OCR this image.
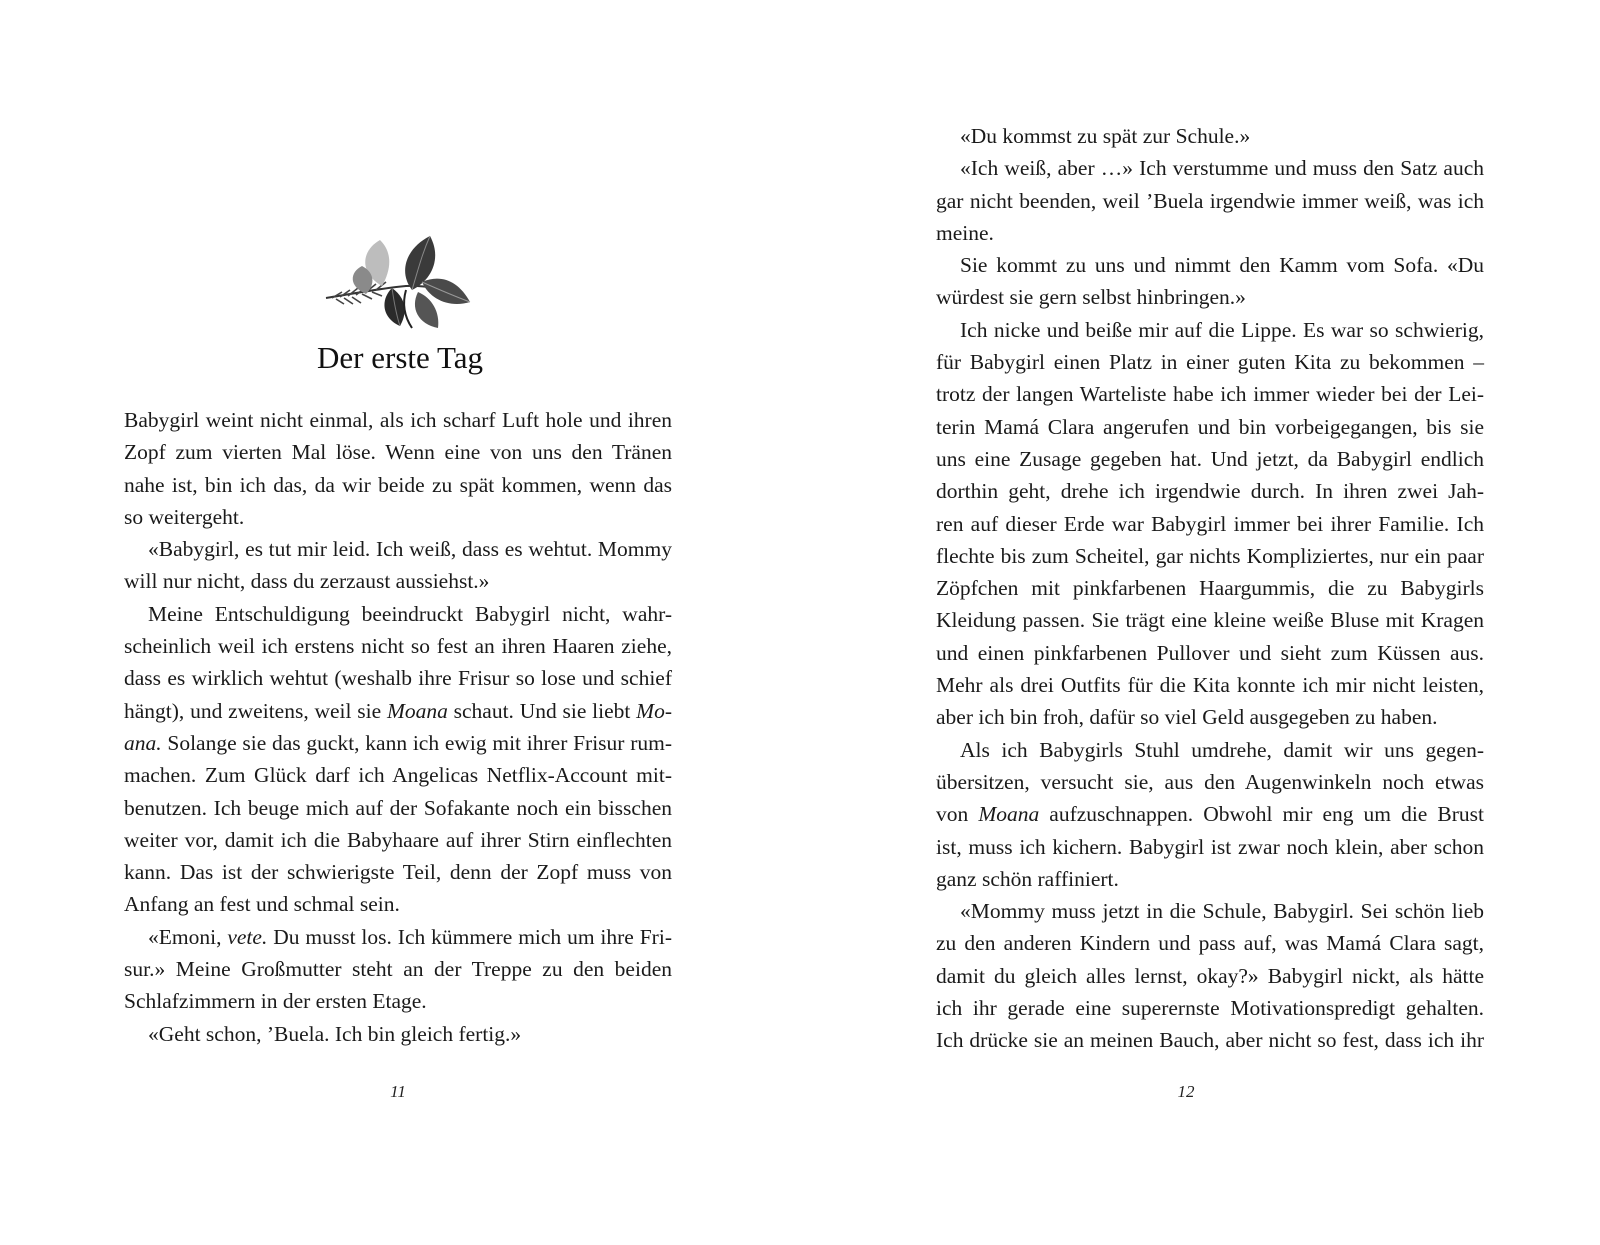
Der erste Tag
Babygirl weint nicht einmal, als ich scharf Luft hole und ihren
Zopf zum vierten Mal löse. Wenn eine von uns den Tränen
nahe ist, bin ich das, da wir beide zu spät kommen, wenn das
so weitergeht.
«Babygirl, es tut mir leid. Ich weiß, dass es wehtut. Mommy
will nur nicht, dass du zerzaust aussiehst.»
Meine Entschuldigung beeindruckt Babygirl nicht, wahr-
scheinlich weil ich erstens nicht so fest an ihren Haaren ziehe,
dass es wirklich wehtut (weshalb ihre Frisur so lose und schief
hängt), und zweitens, weil sie Moana schaut. Und sie liebt Mo-
ana. Solange sie das guckt, kann ich ewig mit ihrer Frisur rum-
machen. Zum Glück darf ich Angelicas Netflix-Account mit-
benutzen. Ich beuge mich auf der Sofakante noch ein bisschen
weiter vor, damit ich die Babyhaare auf ihrer Stirn einflechten
kann. Das ist der schwierigste Teil, denn der Zopf muss von
Anfang an fest und schmal sein.
«Emoni, vete. Du musst los. Ich kümmere mich um ihre Fri-
sur.» Meine Großmutter steht an der Treppe zu den beiden
Schlafzimmern in der ersten Etage.
«Geht schon, ’Buela. Ich bin gleich fertig.»
11
«Du kommst zu spät zur Schule.»
«Ich weiß, aber …» Ich verstumme und muss den Satz auch
gar nicht beenden, weil ’Buela irgendwie immer weiß, was ich
meine.
Sie kommt zu uns und nimmt den Kamm vom Sofa. «Du
würdest sie gern selbst hinbringen.»
Ich nicke und beiße mir auf die Lippe. Es war so schwierig,
für Babygirl einen Platz in einer guten Kita zu bekommen –
trotz der langen Warteliste habe ich immer wieder bei der Lei-
terin Mamá Clara angerufen und bin vorbeigegangen, bis sie
uns eine Zusage gegeben hat. Und jetzt, da Babygirl endlich
dorthin geht, drehe ich irgendwie durch. In ihren zwei Jah-
ren auf dieser Erde war Babygirl immer bei ihrer Familie. Ich
flechte bis zum Scheitel, gar nichts Kompliziertes, nur ein paar
Zöpfchen mit pinkfarbenen Haargummis, die zu Babygirls
Kleidung passen. Sie trägt eine kleine weiße Bluse mit Kragen
und einen pinkfarbenen Pullover und sieht zum Küssen aus.
Mehr als drei Outfits für die Kita konnte ich mir nicht leisten,
aber ich bin froh, dafür so viel Geld ausgegeben zu haben.
Als ich Babygirls Stuhl umdrehe, damit wir uns gegen-
übersitzen, versucht sie, aus den Augenwinkeln noch etwas
von Moana aufzuschnappen. Obwohl mir eng um die Brust
ist, muss ich kichern. Babygirl ist zwar noch klein, aber schon
ganz schön raffiniert.
«Mommy muss jetzt in die Schule, Babygirl. Sei schön lieb
zu den anderen Kindern und pass auf, was Mamá Clara sagt,
damit du gleich alles lernst, okay?» Babygirl nickt, als hätte
ich ihr gerade eine superernste Motivationspredigt gehalten.
Ich drücke sie an meinen Bauch, aber nicht so fest, dass ich ihr
12
